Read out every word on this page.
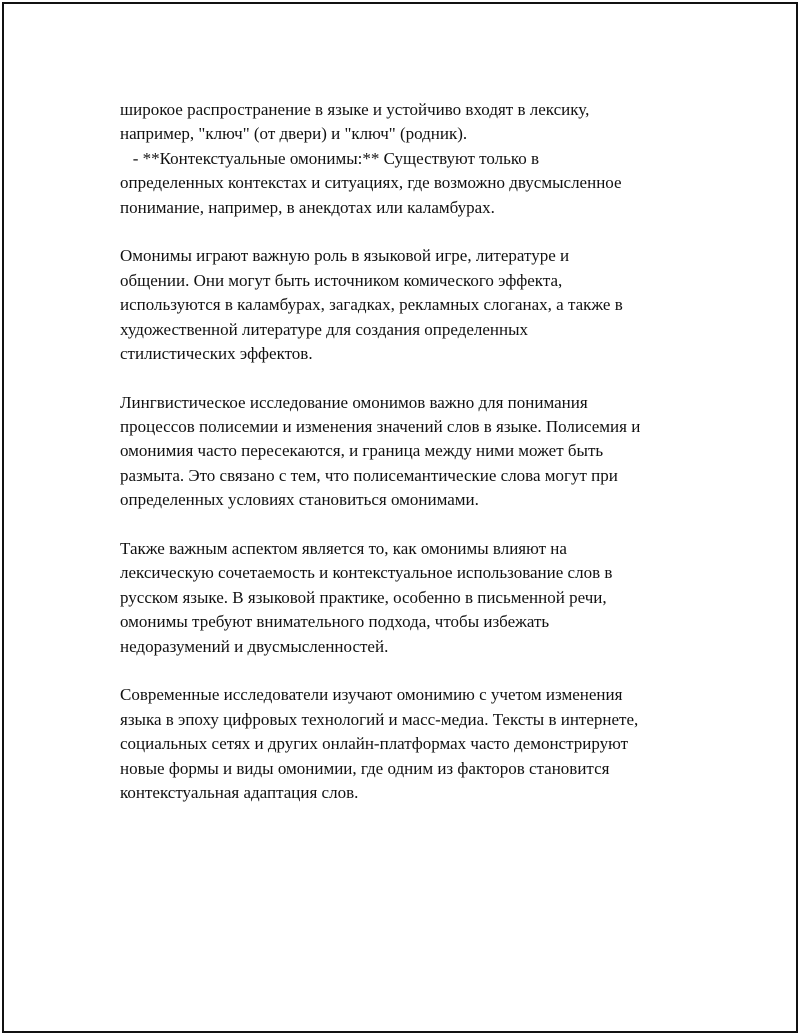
широкое распространение в языке и устойчиво входят в лексику,
например, "ключ" (от двери) и "ключ" (родник).
- **Контекстуальные омонимы:** Существуют только в
определенных контекстах и ситуациях, где возможно двусмысленное
понимание, например, в анекдотах или каламбурах.
Омонимы играют важную роль в языковой игре, литературе и
общении. Они могут быть источником комического эффекта,
используются в каламбурах, загадках, рекламных слоганах, а также в
художественной литературе для создания определенных
стилистических эффектов.
Лингвистическое исследование омонимов важно для понимания
процессов полисемии и изменения значений слов в языке. Полисемия и
омонимия часто пересекаются, и граница между ними может быть
размыта. Это связано с тем, что полисемантические слова могут при
определенных условиях становиться омонимами.
Также важным аспектом является то, как омонимы влияют на
лексическую сочетаемость и контекстуальное использование слов в
русском языке. В языковой практике, особенно в письменной речи,
омонимы требуют внимательного подхода, чтобы избежать
недоразумений и двусмысленностей.
Современные исследователи изучают омонимию с учетом изменения
языка в эпоху цифровых технологий и масс-медиа. Тексты в интернете,
социальных сетях и других онлайн-платформах часто демонстрируют
новые формы и виды омонимии, где одним из факторов становится
контекстуальная адаптация слов.
